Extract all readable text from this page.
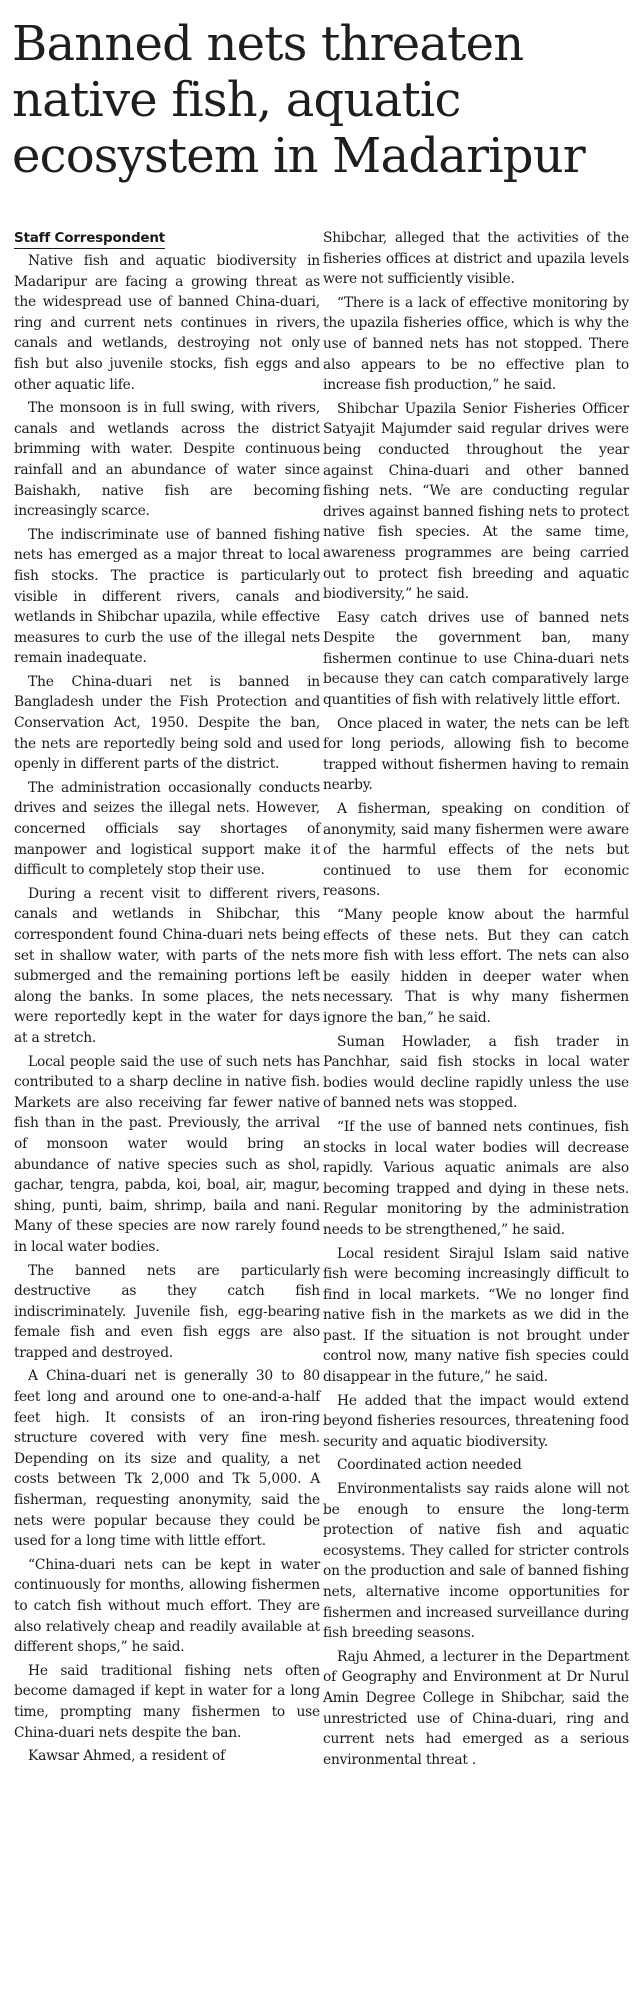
Banned nets threaten native fish, aquatic ecosystem in Madaripur
Staff Correspondent

Native fish and aquatic biodiversity in Madaripur are facing a growing threat as the widespread use of banned China-duari, ring and current nets continues in rivers, canals and wetlands, destroying not only fish but also juvenile stocks, fish eggs and other aquatic life.

The monsoon is in full swing, with rivers, canals and wetlands across the district brimming with water. Despite continuous rainfall and an abundance of water since Baishakh, native fish are becoming increasingly scarce.

The indiscriminate use of banned fishing nets has emerged as a major threat to local fish stocks. The practice is particularly visible in different rivers, canals and wetlands in Shibchar upazila, while effective measures to curb the use of the illegal nets remain inadequate.

The China-duari net is banned in Bangladesh under the Fish Protection and Conservation Act, 1950. Despite the ban, the nets are reportedly being sold and used openly in different parts of the district.

The administration occasionally conducts drives and seizes the illegal nets. However, concerned officials say shortages of manpower and logistical support make it difficult to completely stop their use.

During a recent visit to different rivers, canals and wetlands in Shibchar, this correspondent found China-duari nets being set in shallow water, with parts of the nets submerged and the remaining portions left along the banks. In some places, the nets were reportedly kept in the water for days at a stretch.

Local people said the use of such nets has contributed to a sharp decline in native fish. Markets are also receiving far fewer native fish than in the past. Previously, the arrival of monsoon water would bring an abundance of native species such as shol, gachar, tengra, pabda, koi, boal, air, magur, shing, punti, baim, shrimp, baila and nani. Many of these species are now rarely found in local water bodies.

The banned nets are particularly destructive as they catch fish indiscriminately. Juvenile fish, egg-bearing female fish and even fish eggs are also trapped and destroyed.

A China-duari net is generally 30 to 80 feet long and around one to one-and-a-half feet high. It consists of an iron-ring structure covered with very fine mesh. Depending on its size and quality, a net costs between Tk 2,000 and Tk 5,000. A fisherman, requesting anonymity, said the nets were popular because they could be used for a long time with little effort.

“China-duari nets can be kept in water continuously for months, allowing fishermen to catch fish without much effort. They are also relatively cheap and readily available at different shops,” he said.

He said traditional fishing nets often become damaged if kept in water for a long time, prompting many fishermen to use China-duari nets despite the ban.

Kawsar Ahmed, a resident of

Shibchar, alleged that the activities of the fisheries offices at district and upazila levels were not sufficiently visible.

“There is a lack of effective monitoring by the upazila fisheries office, which is why the use of banned nets has not stopped. There also appears to be no effective plan to increase fish production,” he said.

Shibchar Upazila Senior Fisheries Officer Satyajit Majumder said regular drives were being conducted throughout the year against China-duari and other banned fishing nets. “We are conducting regular drives against banned fishing nets to protect native fish species. At the same time, awareness programmes are being carried out to protect fish breeding and aquatic biodiversity,” he said.

Easy catch drives use of banned nets Despite the government ban, many fishermen continue to use China-duari nets because they can catch comparatively large quantities of fish with relatively little effort.

Once placed in water, the nets can be left for long periods, allowing fish to become trapped without fishermen having to remain nearby.

A fisherman, speaking on condition of anonymity, said many fishermen were aware of the harmful effects of the nets but continued to use them for economic reasons.

“Many people know about the harmful effects of these nets. But they can catch more fish with less effort. The nets can also be easily hidden in deeper water when necessary. That is why many fishermen ignore the ban,” he said.

Suman Howlader, a fish trader in Panchhar, said fish stocks in local water bodies would decline rapidly unless the use of banned nets was stopped.

“If the use of banned nets continues, fish stocks in local water bodies will decrease rapidly. Various aquatic animals are also becoming trapped and dying in these nets. Regular monitoring by the administration needs to be strengthened,” he said.

Local resident Sirajul Islam said native fish were becoming increasingly difficult to find in local markets. “We no longer find native fish in the markets as we did in the past. If the situation is not brought under control now, many native fish species could disappear in the future,” he said.

He added that the impact would extend beyond fisheries resources, threatening food security and aquatic biodiversity.

Coordinated action needed

Environmentalists say raids alone will not be enough to ensure the long-term protection of native fish and aquatic ecosystems. They called for stricter controls on the production and sale of banned fishing nets, alternative income opportunities for fishermen and increased surveillance during fish breeding seasons.

Raju Ahmed, a lecturer in the Department of Geography and Environment at Dr Nurul Amin Degree College in Shibchar, said the unrestricted use of China-duari, ring and current nets had emerged as a serious environmental threat .
